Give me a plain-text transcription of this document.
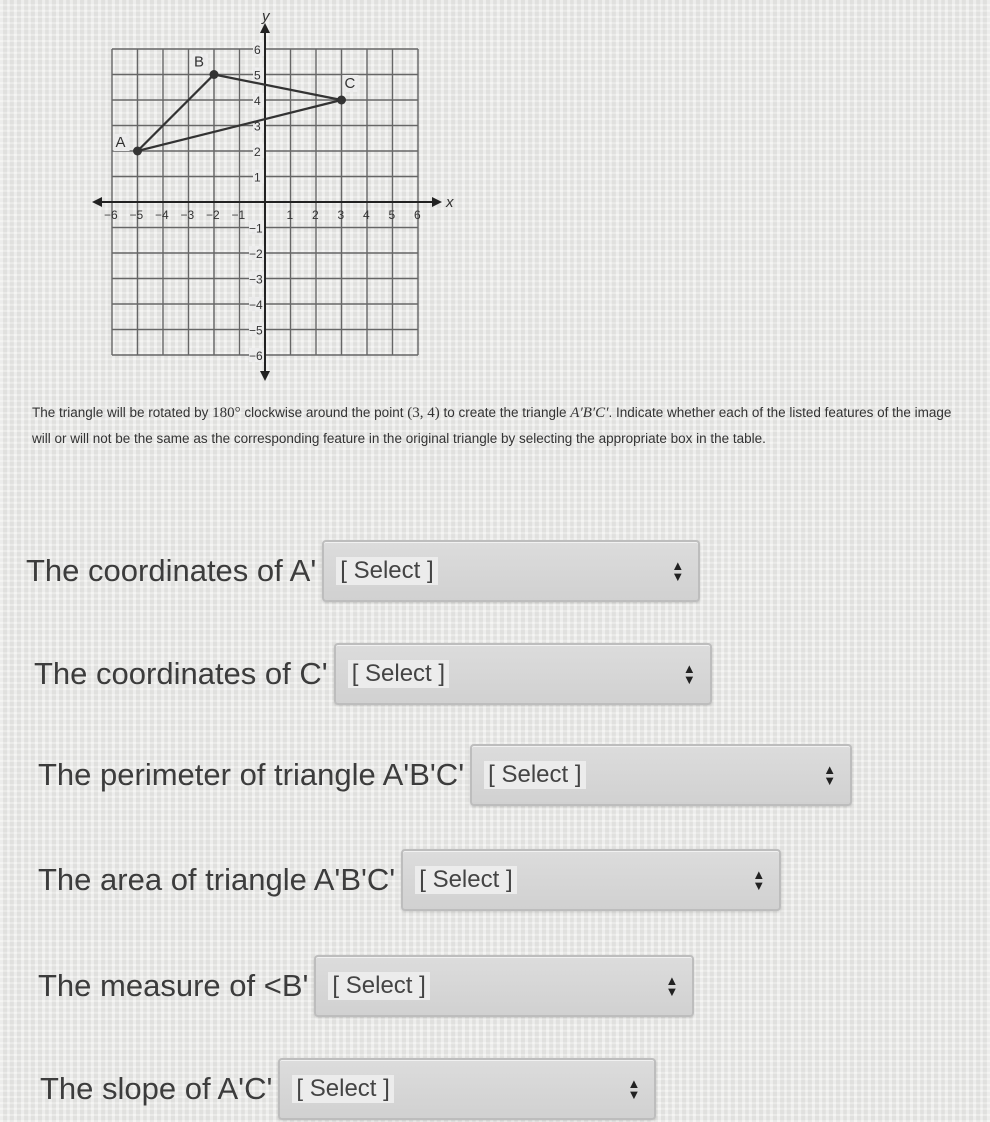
x
y
−6 −5 −4 −3 −2 −1	1 2 3 4 5 6
1
2
3
4
5
6
−1
−2
−3
−4
−5
−6
A
B
C
The triangle will be rotated by 180° clockwise around the point (3, 4) to create the triangle A′B′C′. Indicate whether each of the listed features of the image will or will not be the same as the corresponding feature in the original triangle by selecting the appropriate box in the table.
The coordinates of A' [ Select ]	▲
▼
The coordinates of C' [ Select ]	▲
▼
The perimeter of triangle A'B'C' [ Select ]	▲
▼
The area of triangle A'B'C' [ Select ]	▲
▼
The measure of <B' [ Select ]	▲
▼
The slope of A'C' [ Select ]	▲
▼
